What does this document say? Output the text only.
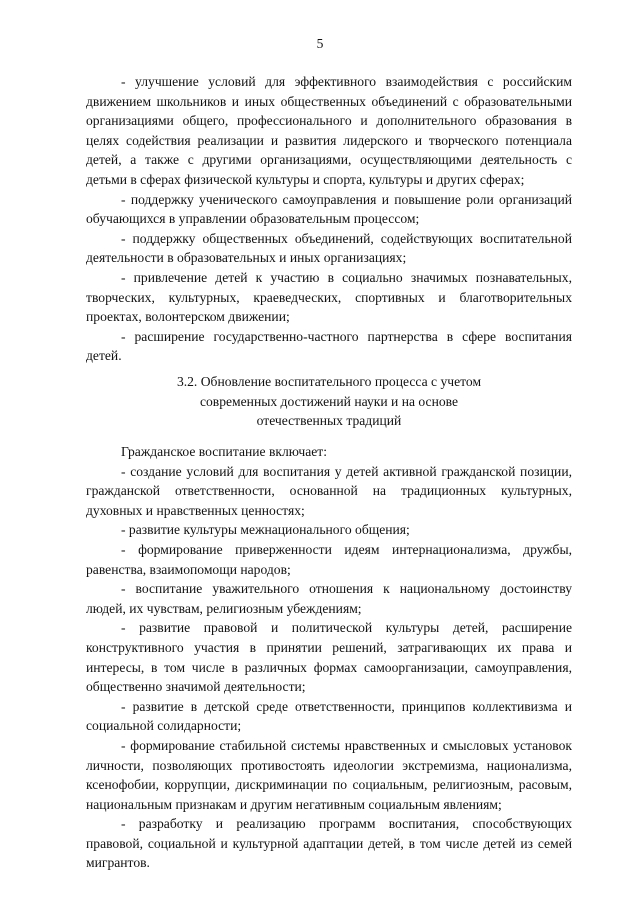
5

- улучшение условий для эффективного взаимодействия с российским движением школьников и иных общественных объединений с образовательными организациями общего, профессионального и дополнительного образования в целях содействия реализации и развития лидерского и творческого потенциала детей, а также с другими организациями, осуществляющими деятельность с детьми в сферах физической культуры и спорта, культуры и других сферах;

- поддержку ученического самоуправления и повышение роли организаций обучающихся в управлении образовательным процессом;

- поддержку общественных объединений, содействующих воспитательной деятельности в образовательных и иных организациях;

- привлечение детей к участию в социально значимых познавательных, творческих, культурных, краеведческих, спортивных и благотворительных проектах, волонтерском движении;

- расширение государственно-частного партнерства в сфере воспитания детей.

3.2. Обновление воспитательного процесса с учетом
современных достижений науки и на основе
отечественных традиций

Гражданское воспитание включает:

- создание условий для воспитания у детей активной гражданской позиции, гражданской ответственности, основанной на традиционных культурных, духовных и нравственных ценностях;

- развитие культуры межнационального общения;

- формирование приверженности идеям интернационализма, дружбы, равенства, взаимопомощи народов;

- воспитание уважительного отношения к национальному достоинству людей, их чувствам, религиозным убеждениям;

- развитие правовой и политической культуры детей, расширение конструктивного участия в принятии решений, затрагивающих их права и интересы, в том числе в различных формах самоорганизации, самоуправления, общественно значимой деятельности;

- развитие в детской среде ответственности, принципов коллективизма и социальной солидарности;

- формирование стабильной системы нравственных и смысловых установок личности, позволяющих противостоять идеологии экстремизма, национализма, ксенофобии, коррупции, дискриминации по социальным, религиозным, расовым, национальным признакам и другим негативным социальным явлениям;

- разработку и реализацию программ воспитания, способствующих правовой, социальной и культурной адаптации детей, в том числе детей из семей мигрантов.
